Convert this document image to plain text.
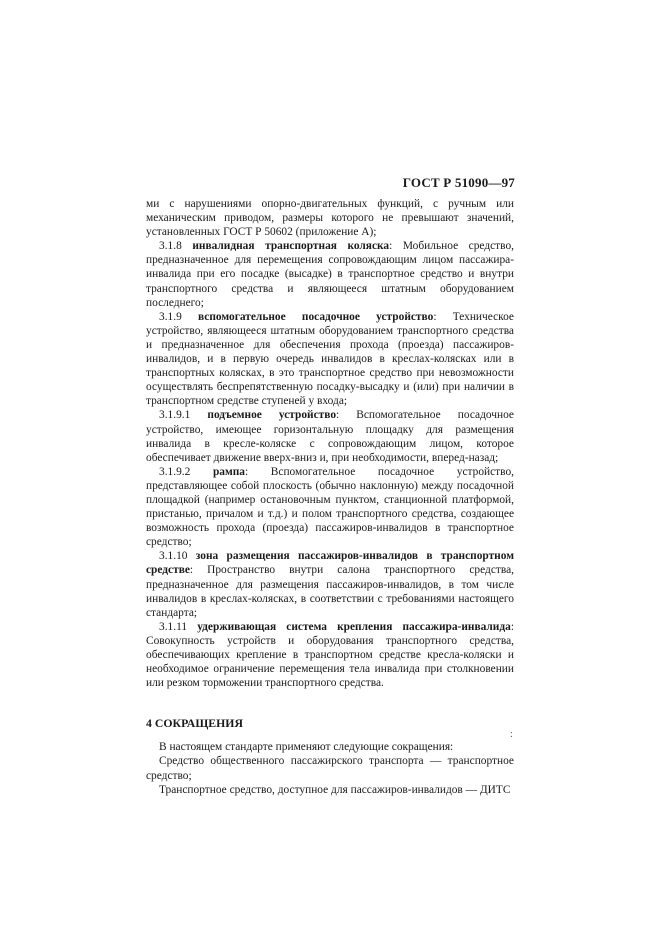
ГОСТ Р 51090—97

ми с нарушениями опорно-двигательных функций, с ручным или механическим приводом, размеры которого не превышают значений, установленных ГОСТ Р 50602 (приложение А);

3.1.8 инвалидная транспортная коляска: Мобильное средство, предназначенное для перемещения сопровождающим лицом пассажира-инвалида при его посадке (высадке) в транспортное средство и внутри транспортного средства и являющееся штатным оборудованием последнего;

3.1.9 вспомогательное посадочное устройство: Техническое устройство, являющееся штатным оборудованием транспортного средства и предназначенное для обеспечения прохода (проезда) пассажиров-инвалидов, и в первую очередь инвалидов в креслах-колясках или в транспортных колясках, в это транспортное средство при невозможности осуществлять беспрепятственную посадку-высадку и (или) при наличии в транспортном средстве ступеней у входа;

3.1.9.1 подъемное устройство: Вспомогательное посадочное устройство, имеющее горизонтальную площадку для размещения инвалида в кресле-коляске с сопровождающим лицом, которое обеспечивает движение вверх-вниз и, при необходимости, вперед-назад;

3.1.9.2 рампа: Вспомогательное посадочное устройство, представляющее собой плоскость (обычно наклонную) между посадочной площадкой (например остановочным пунктом, станционной платформой, пристанью, причалом и т.д.) и полом транспортного средства, создающее возможность прохода (проезда) пассажиров-инвалидов в транспортное средство;

3.1.10 зона размещения пассажиров-инвалидов в транспортном средстве: Пространство внутри салона транспортного средства, предназначенное для размещения пассажиров-инвалидов, в том числе инвалидов в креслах-колясках, в соответствии с требованиями настоящего стандарта;

3.1.11 удерживающая система крепления пассажира-инвалида: Совокупность устройств и оборудования транспортного средства, обеспечивающих крепление в транспортном средстве кресла-коляски и необходимое ограничение перемещения тела инвалида при столкновении или резком торможении транспортного средства.

4 СОКРАЩЕНИЯ

В настоящем стандарте применяют следующие сокращения:

Средство общественного пассажирского транспорта — транспортное средство;

Транспортное средство, доступное для пассажиров-инвалидов — ДИТС

:
